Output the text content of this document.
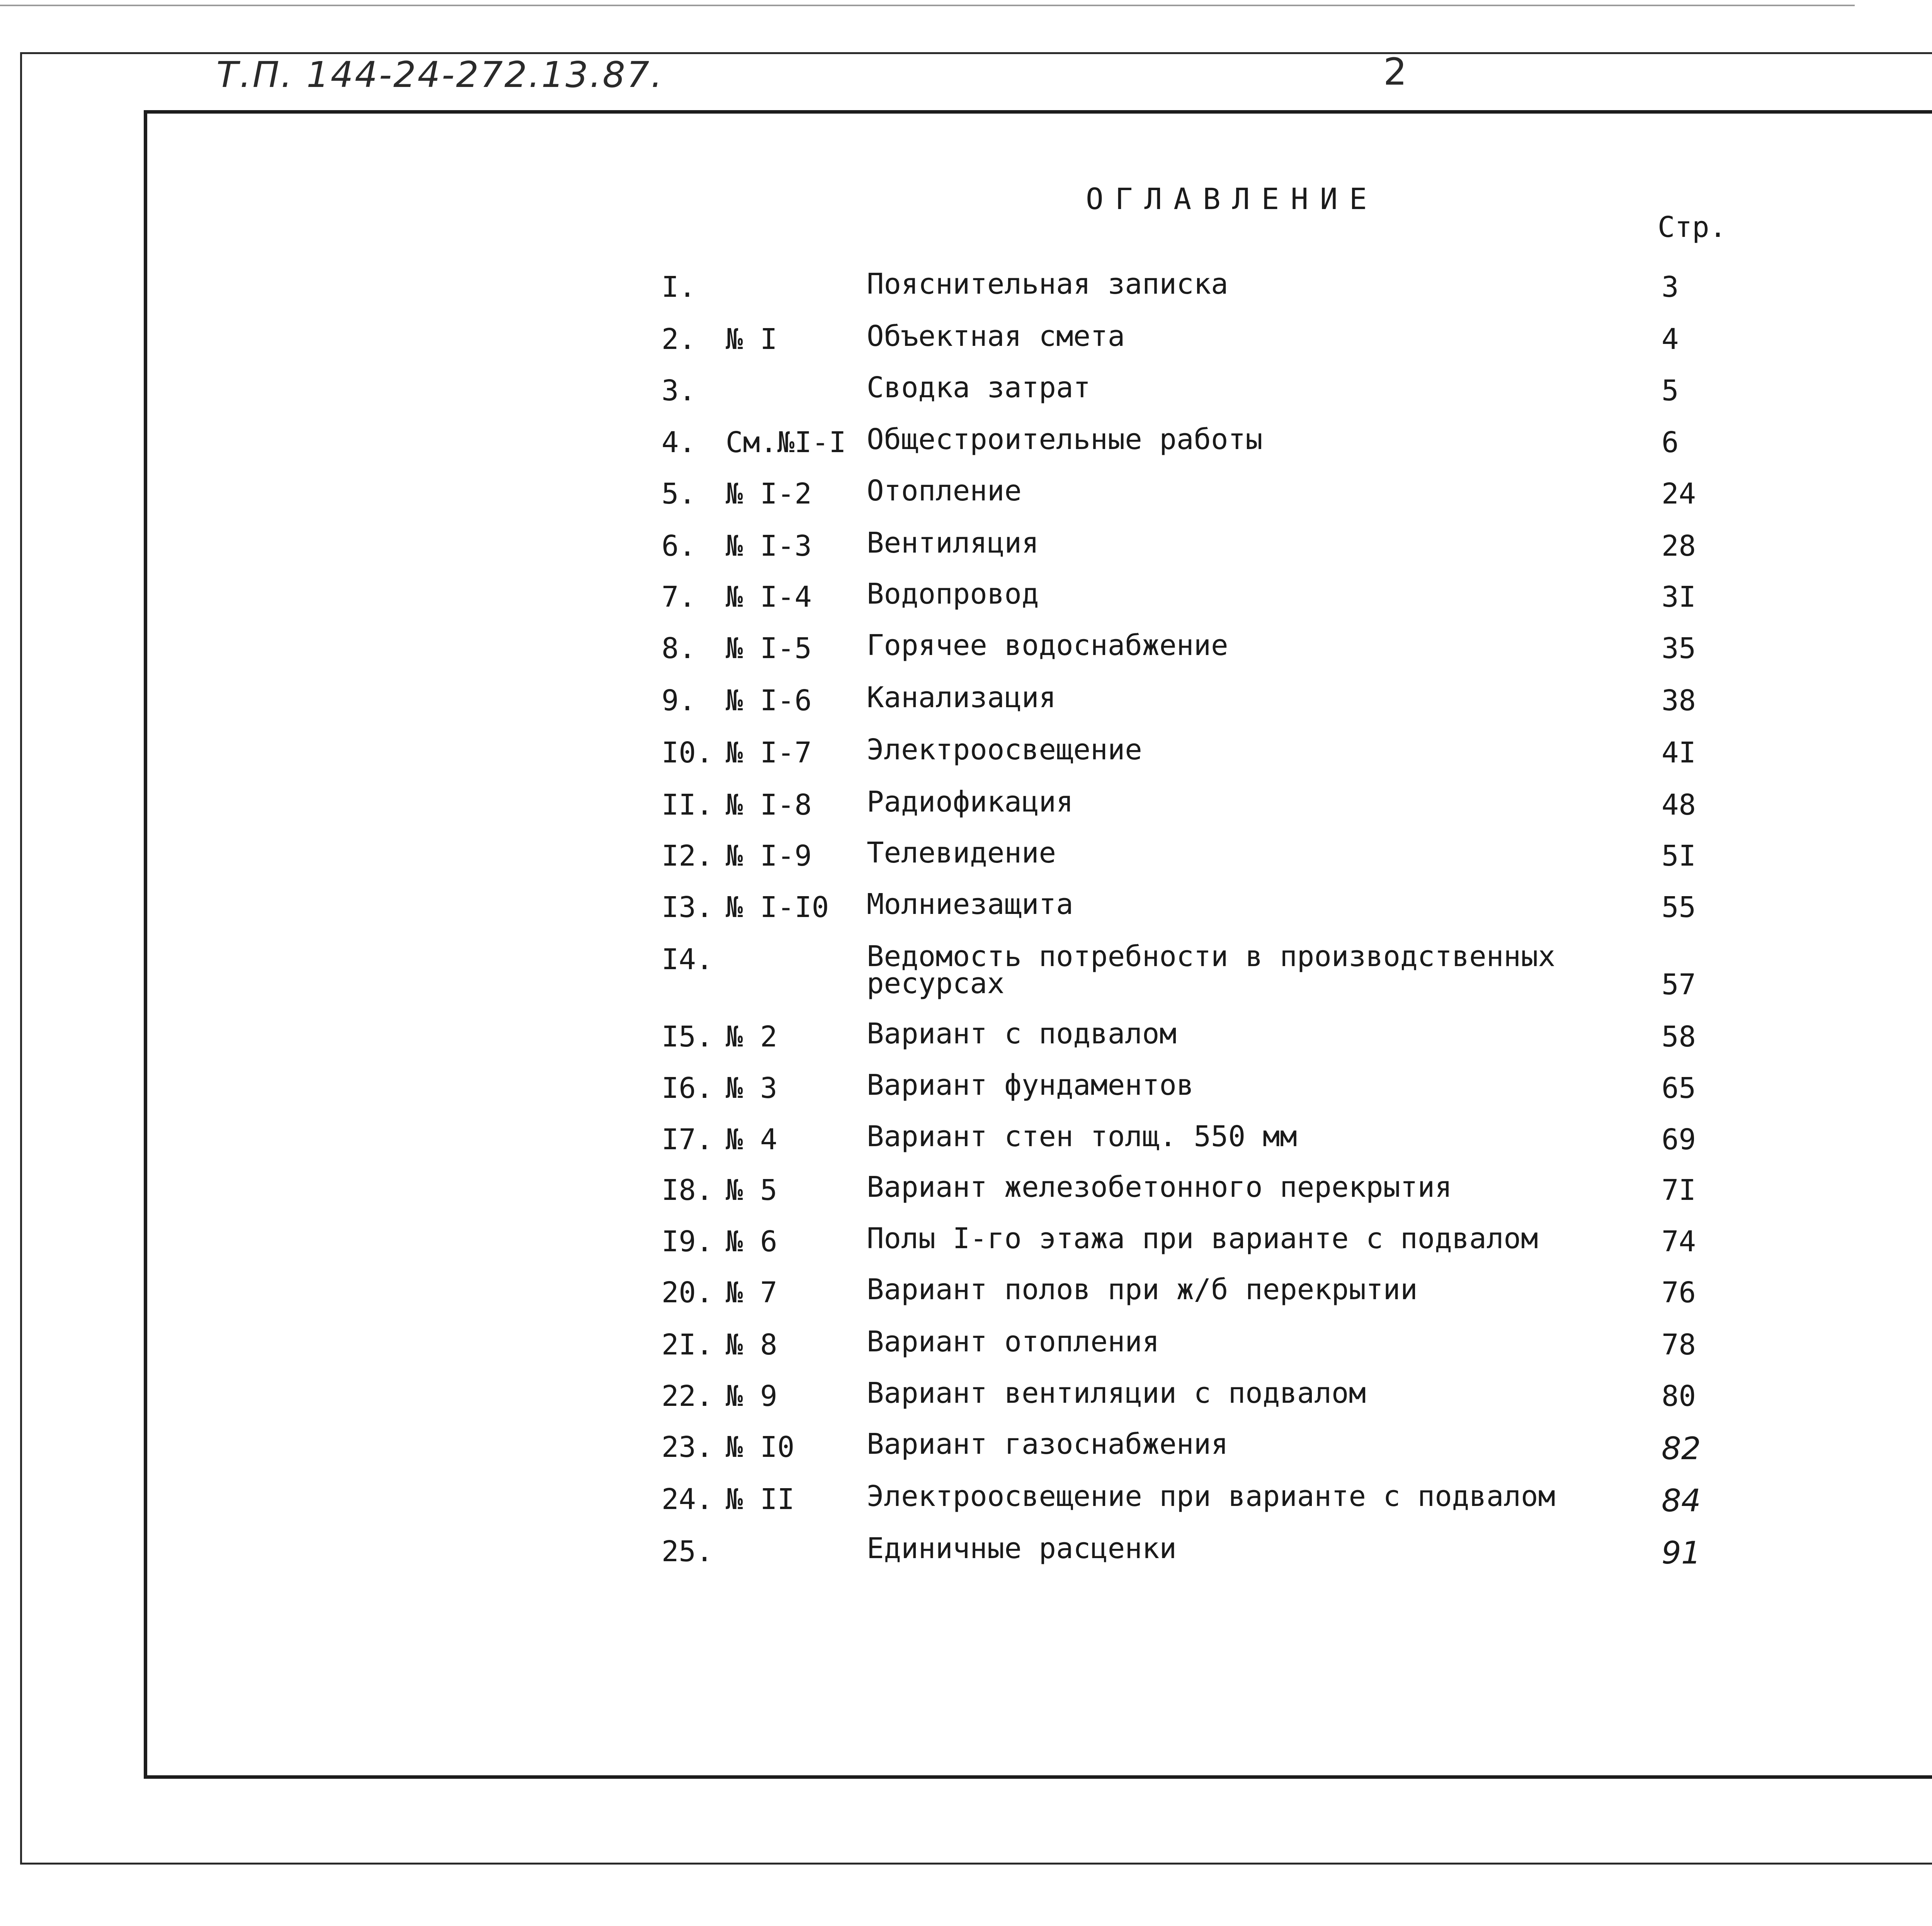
Т.П. 144-24-272.13.87.	2
ОГЛАВЛЕНИЕ
Стр.
I.	Пояснительная записка	3
2. № I	Объектная смета	4
3.	Сводка затрат	5
4. См.№I-I Общестроительные работы	6
5. № I-2 Отопление	24
6. № I-3 Вентиляция	28
7. № I-4 Водопровод	3I
8. № I-5 Горячее водоснабжение	35
9. № I-6 Канализация	38
I0. № I-7 Электроосвещение	4I
II. № I-8 Радиофикация	48
I2. № I-9 Телевидение	5I
I3. № I-I0 Молниезащита	55
I4.	Ведомость потребности в производственных
ресурсах	57
I5. № 2	Вариант с подвалом	58
I6. № 3	Вариант фундаментов	65
I7. № 4	Вариант стен толщ. 550 мм	69
I8. № 5	Вариант железобетонного перекрытия	7I
I9. № 6	Полы I-го этажа при варианте с подвалом	74
20. № 7	Вариант полов при ж/б перекрытии	76
2I. № 8	Вариант отопления	78
22. № 9	Вариант вентиляции с подвалом	80
23. № I0	Вариант газоснабжения	82
24. № II	Электроосвещение при варианте с подвалом	84
25.	Единичные расценки	91
